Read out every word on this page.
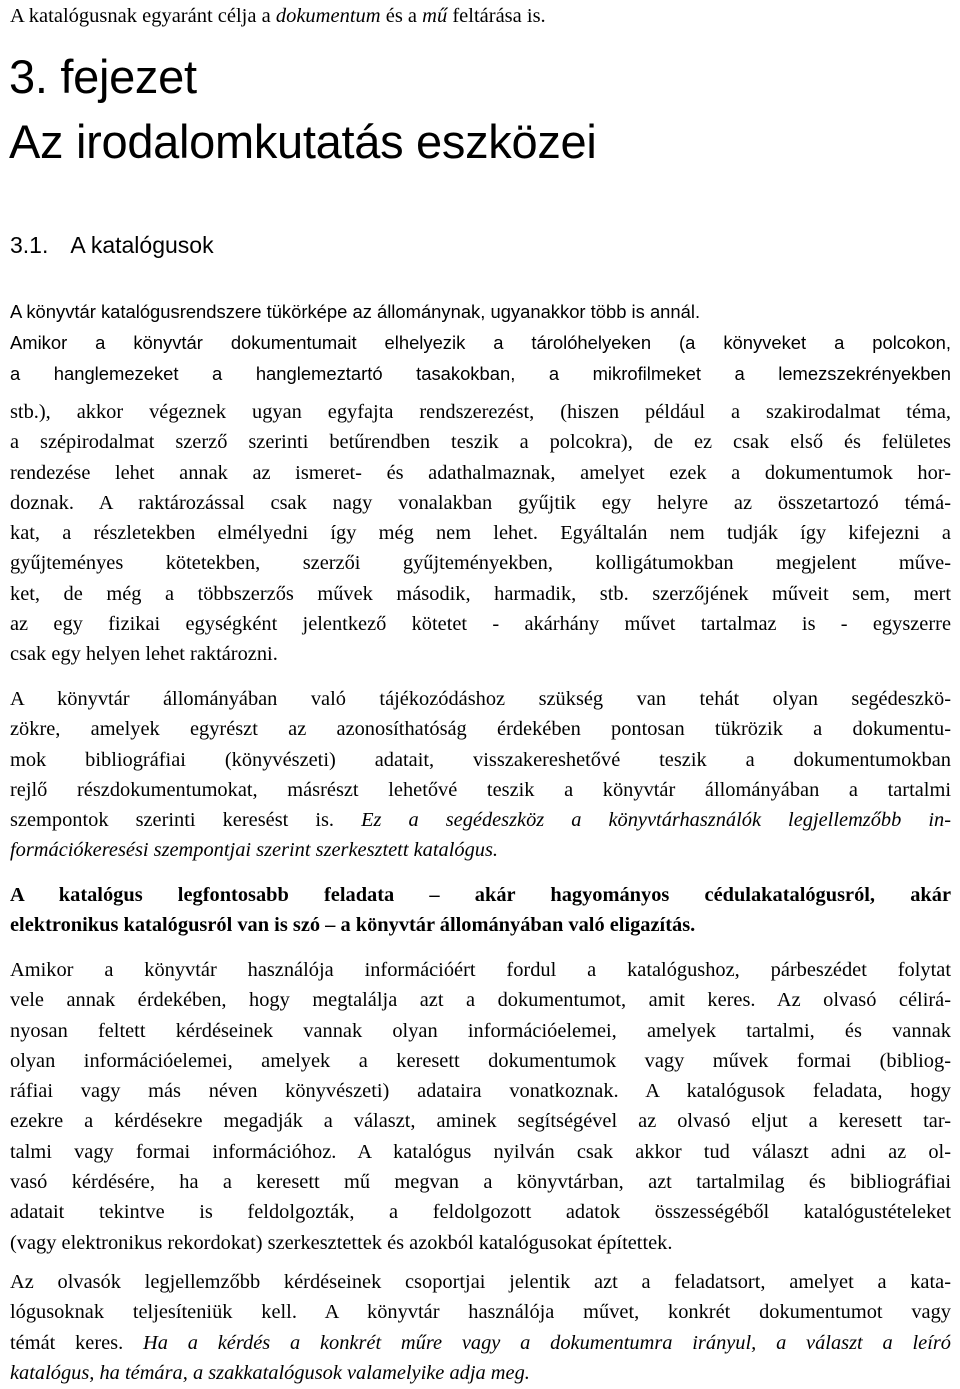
A katalógusnak egyaránt célja a dokumentum és a mű feltárása is.

3. fejezet
Az irodalomkutatás eszközei
3.1. A katalógusok
A könyvtár katalógusrendszere tükörképe az állománynak, ugyanakkor több is annál.
Amikor a könyvtár dokumentumait elhelyezik a tárolóhelyeken (a könyveket a polcokon,
a hanglemezeket a hanglemeztartó tasakokban, a mikrofilmeket a lemezszekrényekben
stb.), akkor végeznek ugyan egyfajta rendszerezést, (hiszen például a szakirodalmat téma,
a szépirodalmat szerző szerinti betűrendben teszik a polcokra), de ez csak első és felületes
rendezése lehet annak az ismeret- és adathalmaznak, amelyet ezek a dokumentumok hor-
doznak. A raktározással csak nagy vonalakban gyűjtik egy helyre az összetartozó témá-
kat, a részletekben elmélyedni így még nem lehet. Egyáltalán nem tudják így kifejezni a
gyűjteményes kötetekben, szerzői gyűjteményekben, kolligátumokban megjelent műve-
ket, de még a többszerzős művek második, harmadik, stb. szerzőjének műveit sem, mert
az egy fizikai egységként jelentkező kötetet - akárhány művet tartalmaz is - egyszerre
csak egy helyen lehet raktározni.
A könyvtár állományában való tájékozódáshoz szükség van tehát olyan segédeszkö-
zökre, amelyek egyrészt az azonosíthatóság érdekében pontosan tükrözik a dokumentu-
mok bibliográfiai (könyvészeti) adatait, visszakereshetővé teszik a dokumentumokban
rejlő részdokumentumokat, másrészt lehetővé teszik a könyvtár állományában a tartalmi
szempontok szerinti keresést is. Ez a segédeszköz a könyvtárhasználók legjellemzőbb in-
formációkeresési szempontjai szerint szerkesztett katalógus.
A katalógus legfontosabb feladata – akár hagyományos cédulakatalógusról, akár
elektronikus katalógusról van is szó – a könyvtár állományában való eligazítás.
Amikor a könyvtár használója információért fordul a katalógushoz, párbeszédet folytat
vele annak érdekében, hogy megtalálja azt a dokumentumot, amit keres. Az olvasó célirá-
nyosan feltett kérdéseinek vannak olyan információelemei, amelyek tartalmi, és vannak
olyan információelemei, amelyek a keresett dokumentumok vagy művek formai (bibliog-
ráfiai vagy más néven könyvészeti) adataira vonatkoznak. A katalógusok feladata, hogy
ezekre a kérdésekre megadják a választ, aminek segítségével az olvasó eljut a keresett tar-
talmi vagy formai információhoz. A katalógus nyilván csak akkor tud választ adni az ol-
vasó kérdésére, ha a keresett mű megvan a könyvtárban, azt tartalmilag és bibliográfiai
adatait tekintve is feldolgozták, a feldolgozott adatok összességéből katalógustételeket
(vagy elektronikus rekordokat) szerkesztettek és azokból katalógusokat építettek.
Az olvasók legjellemzőbb kérdéseinek csoportjai jelentik azt a feladatsort, amelyet a kata-
lógusoknak teljesíteniük kell. A könyvtár használója művet, konkrét dokumentumot vagy
témát keres. Ha a kérdés a konkrét műre vagy a dokumentumra irányul, a választ a leíró
katalógus, ha témára, a szakkatalógusok valamelyike adja meg.
